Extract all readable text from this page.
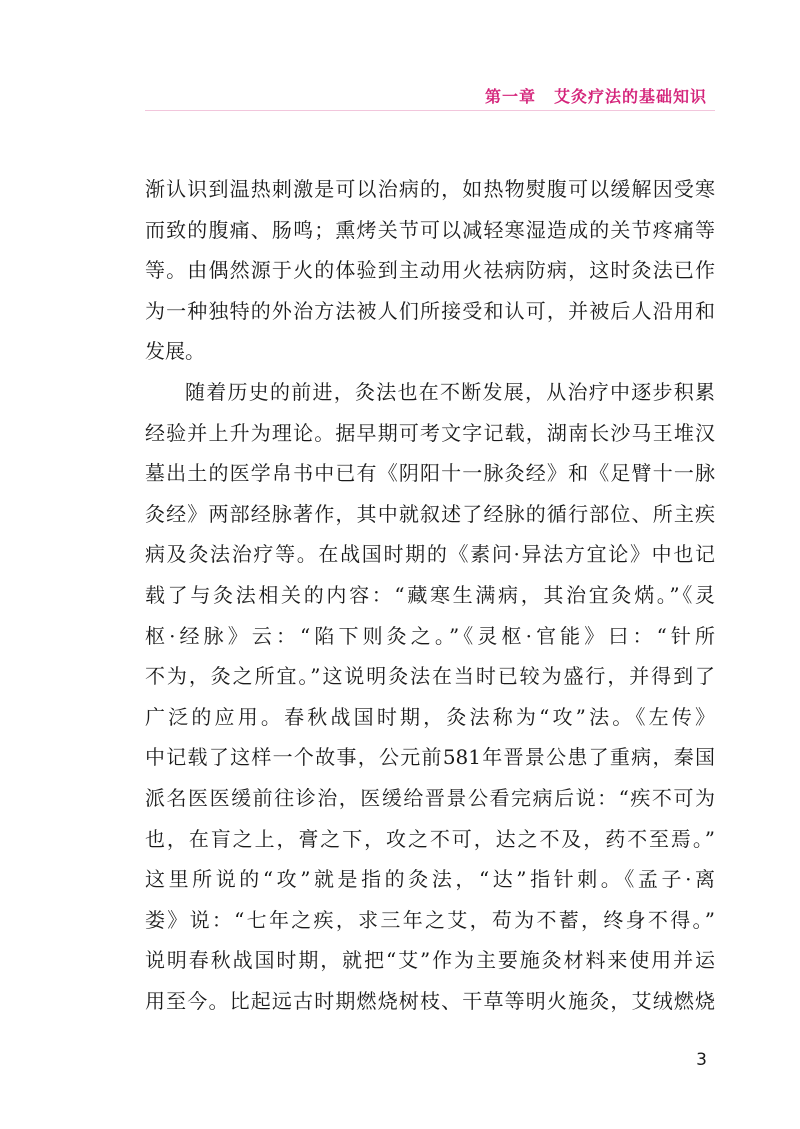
第一章 艾灸疗法的基础知识
渐认识到温热刺激是可以治病的，如热物熨腹可以缓解因受寒
而致的腹痛、肠鸣；熏烤关节可以减轻寒湿造成的关节疼痛等
等。由偶然源于火的体验到主动用火祛病防病，这时灸法已作
为一种独特的外治方法被人们所接受和认可，并被后人沿用和
发展。
随着历史的前进，灸法也在不断发展，从治疗中逐步积累
经验并上升为理论。据早期可考文字记载，湖南长沙马王堆汉
墓出土的医学帛书中已有《阴阳十一脉灸经》和《足臂十一脉
灸经》两部经脉著作，其中就叙述了经脉的循行部位、所主疾
病及灸法治疗等。在战国时期的《素问·异法方宜论》中也记
载了与灸法相关的内容：“藏寒生满病，其治宜灸焫。”《灵
枢·经脉》云：“陷下则灸之。”《灵枢·官能》曰：“针所
不为，灸之所宜。”这说明灸法在当时已较为盛行，并得到了
广泛的应用。春秋战国时期，灸法称为“攻”法。《左传》
中记载了这样一个故事，公元前581年晋景公患了重病，秦国
派名医医缓前往诊治，医缓给晋景公看完病后说：“疾不可为
也，在肓之上，膏之下，攻之不可，达之不及，药不至焉。”
这里所说的“攻”就是指的灸法，“达”指针刺。《孟子·离
娄》说：“七年之疾，求三年之艾，苟为不蓄，终身不得。”
说明春秋战国时期，就把“艾”作为主要施灸材料来使用并运
用至今。比起远古时期燃烧树枝、干草等明火施灸，艾绒燃烧
3
